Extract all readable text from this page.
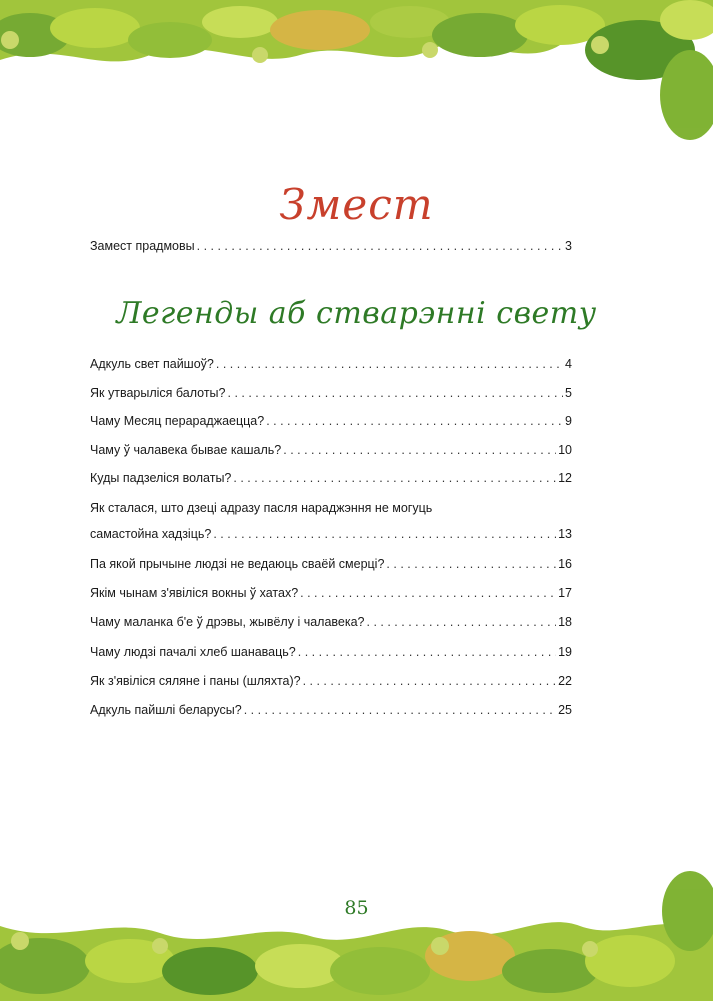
Змест
Замест прадмовы . . .	3
Легенды аб стварэнні свету
Адкуль свет пайшоў? . . .	4
Як утварыліся балоты? . . .	5
Чаму Месяц перараджаецца? . . .	9
Чаму ў чалавека бывае кашаль? . . .	10
Куды падзеліся волаты? . . .	12
Як сталася, што дзеці адразу пасля нараджэння не могуць
самастойна хадзіць? . . .	13
Па якой прычыне людзі не ведаюць сваёй смерці? . . .	16
Якім чынам з'явіліся вокны ў хатах? . . .	17
Чаму маланка б'е ў дрэвы, жывёлу і чалавека? . . .	18
Чаму людзі пачалі хлеб шанаваць? . . .	19
Як з'явіліся сяляне і паны (шляхта)? . . .	22
Адкуль пайшлі беларусы? . . .	25
85
